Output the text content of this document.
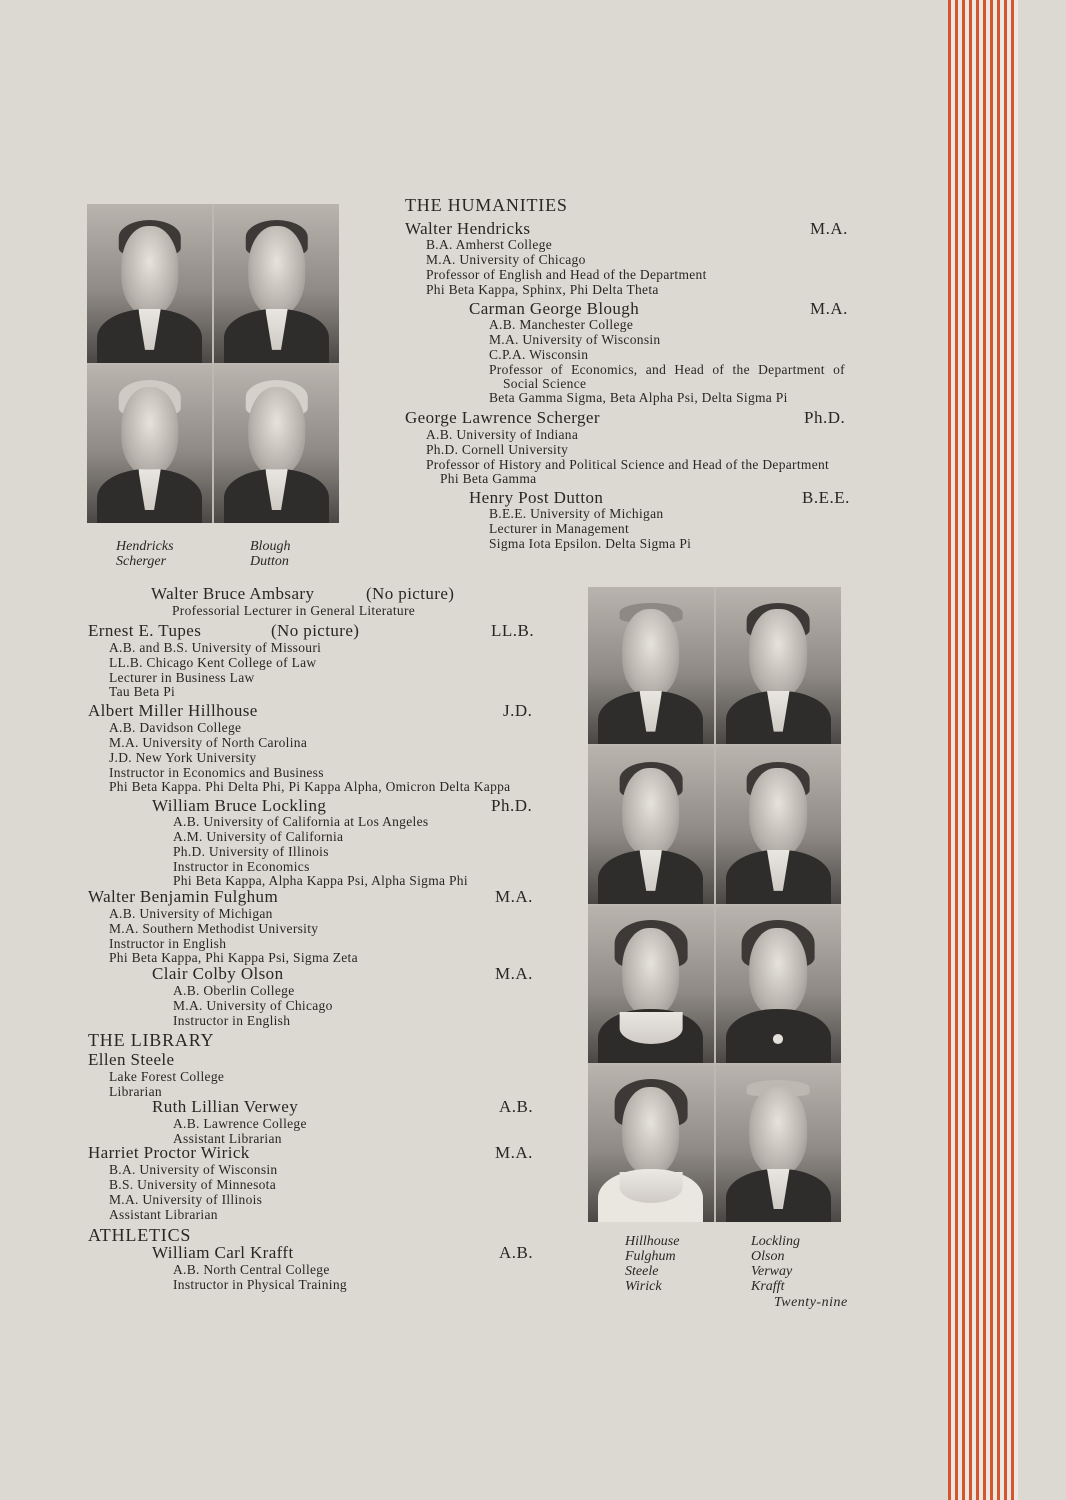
Hendricks	Blough
Scherger	Dutton
THE HUMANITIES
Walter Hendricks	M.A.
B.A. Amherst College
M.A. University of Chicago
Professor of English and Head of the Department
Phi Beta Kappa, Sphinx, Phi Delta Theta
Carman George Blough	M.A.
A.B. Manchester College
M.A. University of Wisconsin
C.P.A. Wisconsin
Professor of Economics, and Head of the Department of
Social Science
Beta Gamma Sigma, Beta Alpha Psi, Delta Sigma Pi
George Lawrence Scherger	Ph.D.
A.B. University of Indiana
Ph.D. Cornell University
Professor of History and Political Science and Head of the Department
Phi Beta Gamma
Henry Post Dutton	B.E.E.
B.E.E. University of Michigan
Lecturer in Management
Sigma Iota Epsilon. Delta Sigma Pi
Walter Bruce Ambsary	(No picture)
Professorial Lecturer in General Literature
Ernest E. Tupes	(No picture)	LL.B.
A.B. and B.S. University of Missouri
LL.B. Chicago Kent College of Law
Lecturer in Business Law
Tau Beta Pi
Albert Miller Hillhouse	J.D.
A.B. Davidson College
M.A. University of North Carolina
J.D. New York University
Instructor in Economics and Business
Phi Beta Kappa. Phi Delta Phi, Pi Kappa Alpha, Omicron Delta Kappa
William Bruce Lockling	Ph.D.
A.B. University of California at Los Angeles
A.M. University of California
Ph.D. University of Illinois
Instructor in Economics
Phi Beta Kappa, Alpha Kappa Psi, Alpha Sigma Phi
Walter Benjamin Fulghum	M.A.
A.B. University of Michigan
M.A. Southern Methodist University
Instructor in English
Phi Beta Kappa, Phi Kappa Psi, Sigma Zeta
Clair Colby Olson	M.A.
A.B. Oberlin College
M.A. University of Chicago
Instructor in English
THE LIBRARY
Ellen Steele
Lake Forest College
Librarian
Ruth Lillian Verwey	A.B.
A.B. Lawrence College
Assistant Librarian
Harriet Proctor Wirick	M.A.
B.A. University of Wisconsin
B.S. University of Minnesota
M.A. University of Illinois
Assistant Librarian
ATHLETICS
William Carl Krafft	A.B.
A.B. North Central College
Instructor in Physical Training
Hillhouse	Lockling
Fulghum	Olson
Steele	Verway
Wirick	Krafft
Twenty-nine
